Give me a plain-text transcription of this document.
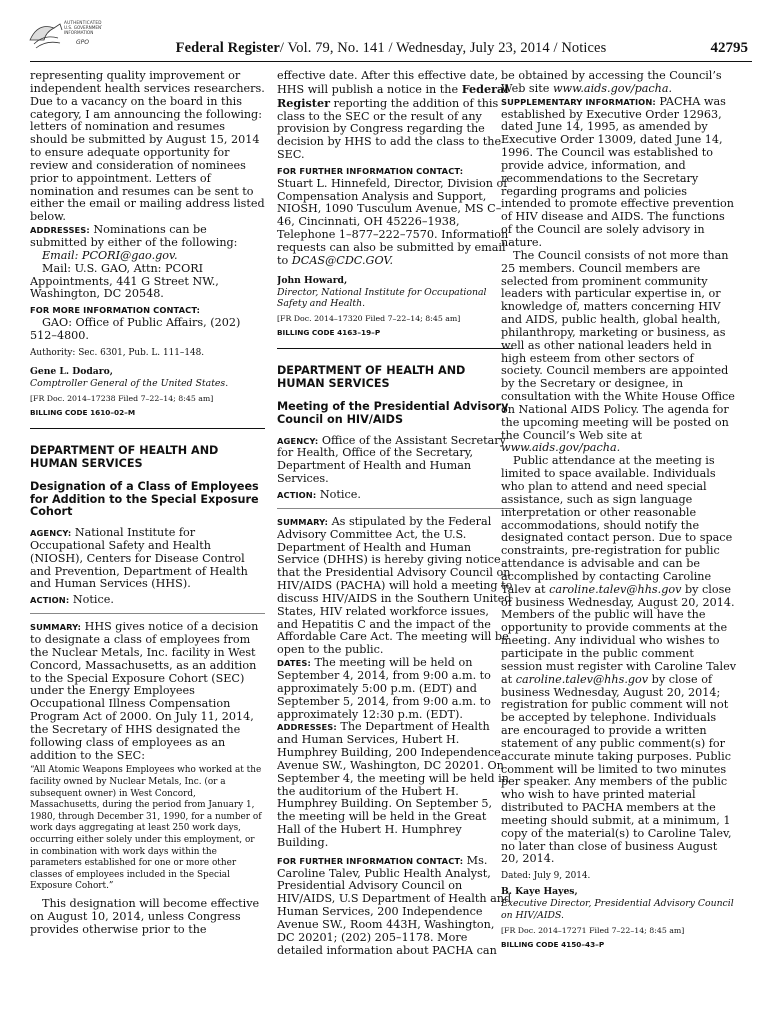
AUTHENTICATED
U.S. GOVERNMENT
INFORMATION
GPO	Federal Register/ Vol. 79, No. 141 / Wednesday, July 23, 2014 / Notices	42795
representing quality improvement or independent health services researchers. Due to a vacancy on the board in this category, I am announcing the following: letters of nomination and resumes should be submitted by August 15, 2014 to ensure adequate opportunity for review and consideration of nominees prior to appointment. Letters of nomination and resumes can be sent to either the email or mailing address listed below.
ADDRESSES: Nominations can be submitted by either of the following:
Email: PCORI@gao.gov.
Mail: U.S. GAO, Attn: PCORI Appointments, 441 G Street NW., Washington, DC 20548.
FOR MORE INFORMATION CONTACT:
GAO: Office of Public Affairs, (202) 512–4800.
Authority: Sec. 6301, Pub. L. 111–148.
Gene L. Dodaro,
Comptroller General of the United States.
[FR Doc. 2014–17238 Filed 7–22–14; 8:45 am]
BILLING CODE 1610–02–M
DEPARTMENT OF HEALTH AND HUMAN SERVICES
Designation of a Class of Employees for Addition to the Special Exposure Cohort
AGENCY: National Institute for Occupational Safety and Health (NIOSH), Centers for Disease Control and Prevention, Department of Health and Human Services (HHS).
ACTION: Notice.
SUMMARY: HHS gives notice of a decision to designate a class of employees from the Nuclear Metals, Inc. facility in West Concord, Massachusetts, as an addition to the Special Exposure Cohort (SEC) under the Energy Employees Occupational Illness Compensation Program Act of 2000. On July 11, 2014, the Secretary of HHS designated the following class of employees as an addition to the SEC:
“All Atomic Weapons Employees who worked at the facility owned by Nuclear Metals, Inc. (or a subsequent owner) in West Concord, Massachusetts, during the period from January 1, 1980, through December 31, 1990, for a number of work days aggregating at least 250 work days, occurring either solely under this employment, or in combination with work days within the parameters established for one or more other classes of employees included in the Special Exposure Cohort.”
This designation will become effective on August 10, 2014, unless Congress provides otherwise prior to the
effective date. After this effective date, HHS will publish a notice in the Federal Register reporting the addition of this class to the SEC or the result of any provision by Congress regarding the decision by HHS to add the class to the SEC.
FOR FURTHER INFORMATION CONTACT:
Stuart L. Hinnefeld, Director, Division of Compensation Analysis and Support, NIOSH, 1090 Tusculum Avenue, MS C–46, Cincinnati, OH 45226–1938, Telephone 1–877–222–7570. Information requests can also be submitted by email to DCAS@CDC.GOV.
John Howard,
Director, National Institute for Occupational Safety and Health.
[FR Doc. 2014–17320 Filed 7–22–14; 8:45 am]
BILLING CODE 4163–19–P
DEPARTMENT OF HEALTH AND HUMAN SERVICES
Meeting of the Presidential Advisory Council on HIV/AIDS
AGENCY: Office of the Assistant Secretary for Health, Office of the Secretary, Department of Health and Human Services.
ACTION: Notice.
SUMMARY: As stipulated by the Federal Advisory Committee Act, the U.S. Department of Health and Human Service (DHHS) is hereby giving notice that the Presidential Advisory Council on HIV/AIDS (PACHA) will hold a meeting to discuss HIV/AIDS in the Southern United States, HIV related workforce issues, and Hepatitis C and the impact of the Affordable Care Act. The meeting will be open to the public.
DATES: The meeting will be held on September 4, 2014, from 9:00 a.m. to approximately 5:00 p.m. (EDT) and September 5, 2014, from 9:00 a.m. to approximately 12:30 p.m. (EDT).
ADDRESSES: The Department of Health and Human Services, Hubert H. Humphrey Building, 200 Independence Avenue SW., Washington, DC 20201. On September 4, the meeting will be held in the auditorium of the Hubert H. Humphrey Building. On September 5, the meeting will be held in the Great Hall of the Hubert H. Humphrey Building.
FOR FURTHER INFORMATION CONTACT: Ms. Caroline Talev, Public Health Analyst, Presidential Advisory Council on HIV/AIDS, U.S Department of Health and Human Services, 200 Independence Avenue SW., Room 443H, Washington, DC 20201; (202) 205–1178. More detailed information about PACHA can
be obtained by accessing the Council’s Web site www.aids.gov/pacha.
SUPPLEMENTARY INFORMATION: PACHA was established by Executive Order 12963, dated June 14, 1995, as amended by Executive Order 13009, dated June 14, 1996. The Council was established to provide advice, information, and recommendations to the Secretary regarding programs and policies intended to promote effective prevention of HIV disease and AIDS. The functions of the Council are solely advisory in nature.
The Council consists of not more than 25 members. Council members are selected from prominent community leaders with particular expertise in, or knowledge of, matters concerning HIV and AIDS, public health, global health, philanthropy, marketing or business, as well as other national leaders held in high esteem from other sectors of society. Council members are appointed by the Secretary or designee, in consultation with the White House Office on National AIDS Policy. The agenda for the upcoming meeting will be posted on the Council’s Web site at www.aids.gov/pacha.
Public attendance at the meeting is limited to space available. Individuals who plan to attend and need special assistance, such as sign language interpretation or other reasonable accommodations, should notify the designated contact person. Due to space constraints, pre-registration for public attendance is advisable and can be accomplished by contacting Caroline Talev at caroline.talev@hhs.gov by close of business Wednesday, August 20, 2014. Members of the public will have the opportunity to provide comments at the meeting. Any individual who wishes to participate in the public comment session must register with Caroline Talev at caroline.talev@hhs.gov by close of business Wednesday, August 20, 2014; registration for public comment will not be accepted by telephone. Individuals are encouraged to provide a written statement of any public comment(s) for accurate minute taking purposes. Public comment will be limited to two minutes per speaker. Any members of the public who wish to have printed material distributed to PACHA members at the meeting should submit, at a minimum, 1 copy of the material(s) to Caroline Talev, no later than close of business August 20, 2014.
Dated: July 9, 2014.
B. Kaye Hayes,
Executive Director, Presidential Advisory Council on HIV/AIDS.
[FR Doc. 2014–17271 Filed 7–22–14; 8:45 am]
BILLING CODE 4150–43–P
